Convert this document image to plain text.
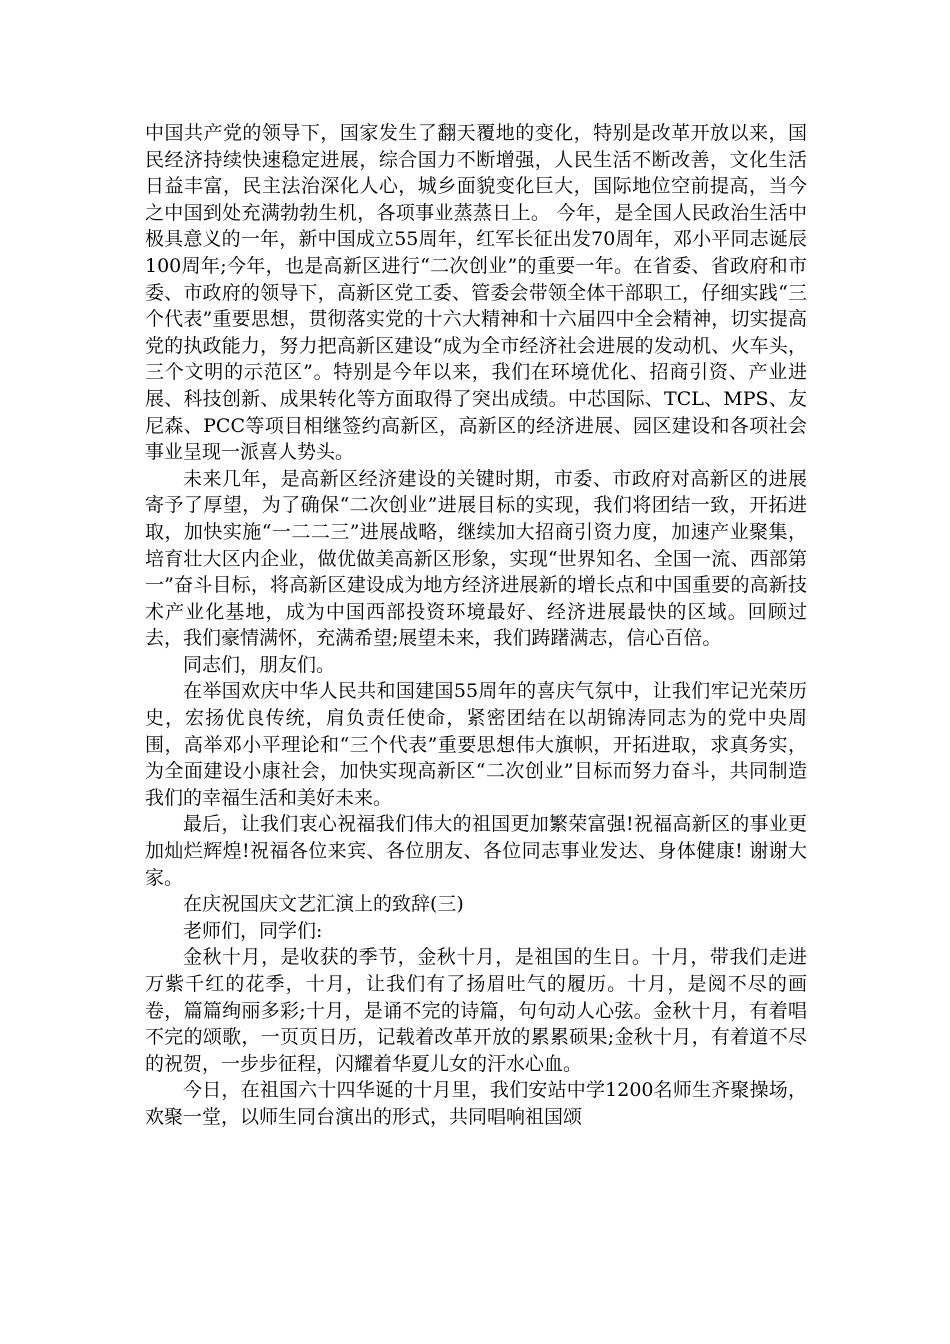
中国共产党的领导下，国家发生了翻天覆地的变化，特别是改革开放以来，国民经济持续快速稳定进展，综合国力不断增强，人民生活不断改善，文化生活日益丰富，民主法治深化人心，城乡面貌变化巨大，国际地位空前提高，当今之中国到处充满勃勃生机，各项事业蒸蒸日上。 今年，是全国人民政治生活中极具意义的一年，新中国成立55周年，红军长征出发70周年，邓小平同志诞辰100周年;今年，也是高新区进行“二次创业”的重要一年。在省委、省政府和市委、市政府的领导下，高新区党工委、管委会带领全体干部职工，仔细实践“三个代表”重要思想，贯彻落实党的十六大精神和十六届四中全会精神，切实提高党的执政能力，努力把高新区建设“成为全市经济社会进展的发动机、火车头，三个文明的示范区”。特别是今年以来，我们在环境优化、招商引资、产业进展、科技创新、成果转化等方面取得了突出成绩。中芯国际、TCL、MPS、友尼森、PCC等项目相继签约高新区，高新区的经济进展、园区建设和各项社会事业呈现一派喜人势头。

未来几年，是高新区经济建设的关键时期，市委、市政府对高新区的进展寄予了厚望，为了确保“二次创业”进展目标的实现，我们将团结一致，开拓进取，加快实施“一二二三”进展战略，继续加大招商引资力度，加速产业聚集，培育壮大区内企业，做优做美高新区形象，实现“世界知名、全国一流、西部第一”奋斗目标，将高新区建设成为地方经济进展新的增长点和中国重要的高新技术产业化基地，成为中国西部投资环境最好、经济进展最快的区域。回顾过去，我们豪情满怀，充满希望;展望未来，我们踌躇满志，信心百倍。

同志们，朋友们。

在举国欢庆中华人民共和国建国55周年的喜庆气氛中，让我们牢记光荣历史，宏扬优良传统，肩负责任使命，紧密团结在以胡锦涛同志为的党中央周围，高举邓小平理论和“三个代表”重要思想伟大旗帜，开拓进取，求真务实，为全面建设小康社会，加快实现高新区“二次创业”目标而努力奋斗，共同制造我们的幸福生活和美好未来。

最后，让我们衷心祝福我们伟大的祖国更加繁荣富强!祝福高新区的事业更加灿烂辉煌!祝福各位来宾、各位朋友、各位同志事业发达、身体健康! 谢谢大家。

在庆祝国庆文艺汇演上的致辞(三)

老师们，同学们:

金秋十月，是收获的季节，金秋十月，是祖国的生日。十月，带我们走进万紫千红的花季，十月，让我们有了扬眉吐气的履历。十月，是阅不尽的画卷，篇篇绚丽多彩;十月，是诵不完的诗篇，句句动人心弦。金秋十月，有着唱不完的颂歌，一页页日历，记载着改革开放的累累硕果;金秋十月，有着道不尽的祝贺，一步步征程，闪耀着华夏儿女的汗水心血。

今日，在祖国六十四华诞的十月里，我们安站中学1200名师生齐聚操场，欢聚一堂，以师生同台演出的形式，共同唱响祖国颂
